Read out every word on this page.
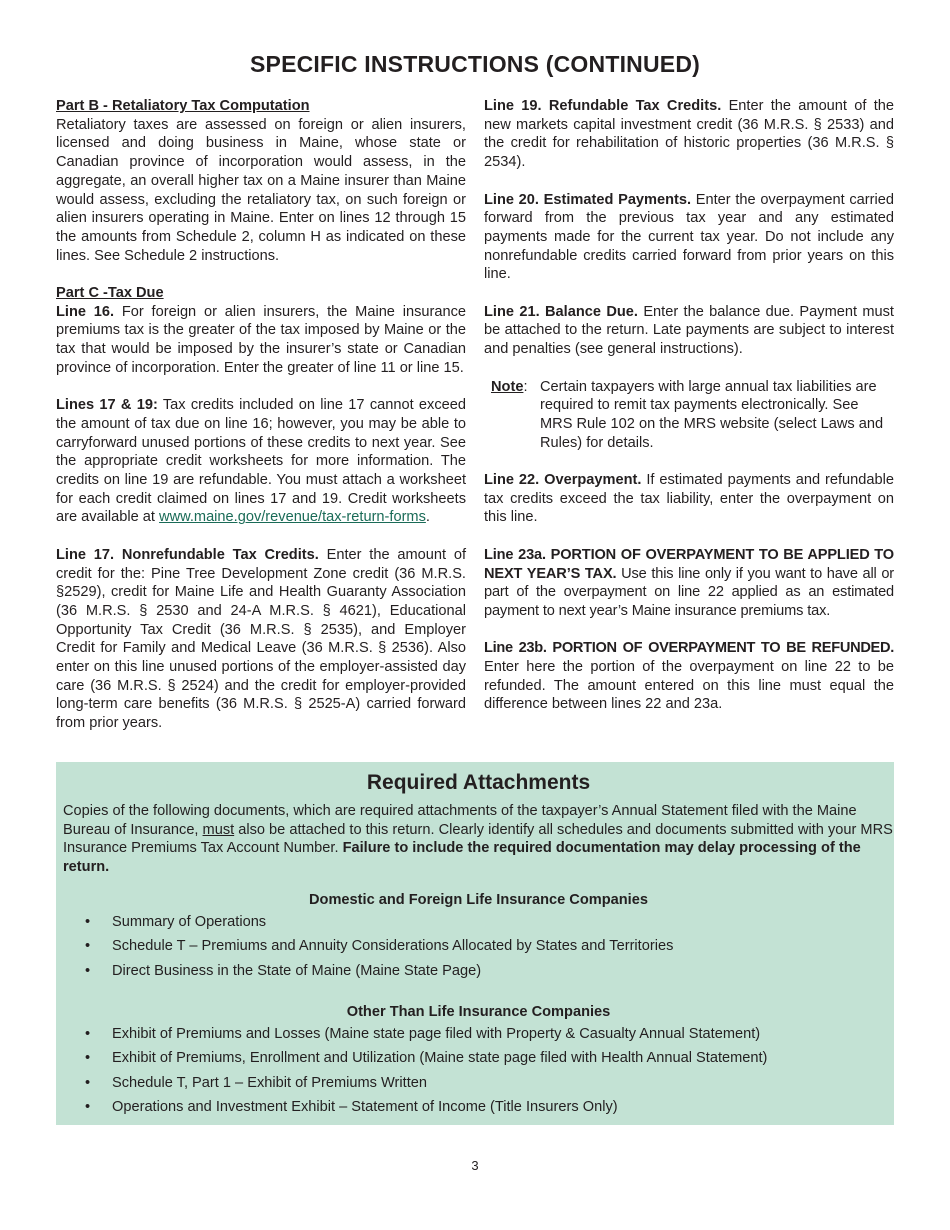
SPECIFIC INSTRUCTIONS (CONTINUED)

Part B - Retaliatory Tax Computation
Retaliatory taxes are assessed on foreign or alien insurers, licensed and doing business in Maine, whose state or Canadian province of incorporation would assess, in the aggregate, an overall higher tax on a Maine insurer than Maine would assess, excluding the retaliatory tax, on such foreign or alien insurers operating in Maine. Enter on lines 12 through 15 the amounts from Schedule 2, column H as indicated on these lines. See Schedule 2 instructions.

Part C -Tax Due
Line 16. For foreign or alien insurers, the Maine insurance premiums tax is the greater of the tax imposed by Maine or the tax that would be imposed by the insurer’s state or Canadian province of incorporation. Enter the greater of line 11 or line 15.

Lines 17 & 19: Tax credits included on line 17 cannot exceed the amount of tax due on line 16; however, you may be able to carryforward unused portions of these credits to next year. See the appropriate credit worksheets for more information. The credits on line 19 are refundable. You must attach a worksheet for each credit claimed on lines 17 and 19. Credit worksheets are available at www.maine.gov/revenue/tax-return-forms.

Line 17. Nonrefundable Tax Credits. Enter the amount of credit for the: Pine Tree Development Zone credit (36 M.R.S. §2529), credit for Maine Life and Health Guaranty Association (36 M.R.S. § 2530 and 24-A M.R.S. § 4621), Educational Opportunity Tax Credit (36 M.R.S. § 2535), and Employer Credit for Family and Medical Leave (36 M.R.S. § 2536). Also enter on this line unused portions of the employer-assisted day care (36 M.R.S. § 2524) and the credit for employer-provided long-term care benefits (36 M.R.S. § 2525-A) carried forward from prior years.

Line 19. Refundable Tax Credits. Enter the amount of the new markets capital investment credit (36 M.R.S. § 2533) and the credit for rehabilitation of historic properties (36 M.R.S. § 2534).

Line 20. Estimated Payments. Enter the overpayment carried forward from the previous tax year and any estimated payments made for the current tax year. Do not include any nonrefundable credits carried forward from prior years on this line.

Line 21. Balance Due. Enter the balance due. Payment must be attached to the return. Late payments are subject to interest and penalties (see general instructions).

Note: Certain taxpayers with large annual tax liabilities are required to remit tax payments electronically. See MRS Rule 102 on the MRS website (select Laws and Rules) for details.

Line 22. Overpayment. If estimated payments and refundable tax credits exceed the tax liability, enter the overpayment on this line.

Line 23a. PORTION OF OVERPAYMENT TO BE APPLIED TO NEXT YEAR’S TAX. Use this line only if you want to have all or part of the overpayment on line 22 applied as an estimated payment to next year’s Maine insurance premiums tax.

Line 23b. PORTION OF OVERPAYMENT TO BE REFUNDED. Enter here the portion of the overpayment on line 22 to be refunded. The amount entered on this line must equal the difference between lines 22 and 23a.

Required Attachments

Copies of the following documents, which are required attachments of the taxpayer’s Annual Statement filed with the Maine Bureau of Insurance, must also be attached to this return. Clearly identify all schedules and documents submitted with your MRS Insurance Premiums Tax Account Number. Failure to include the required documentation may delay processing of the return.

Domestic and Foreign Life Insurance Companies
• Summary of Operations
• Schedule T – Premiums and Annuity Considerations Allocated by States and Territories
• Direct Business in the State of Maine (Maine State Page)
Other Than Life Insurance Companies
• Exhibit of Premiums and Losses (Maine state page filed with Property & Casualty Annual Statement)
• Exhibit of Premiums, Enrollment and Utilization (Maine state page filed with Health Annual Statement)
• Schedule T, Part 1 – Exhibit of Premiums Written
• Operations and Investment Exhibit – Statement of Income (Title Insurers Only)
3
